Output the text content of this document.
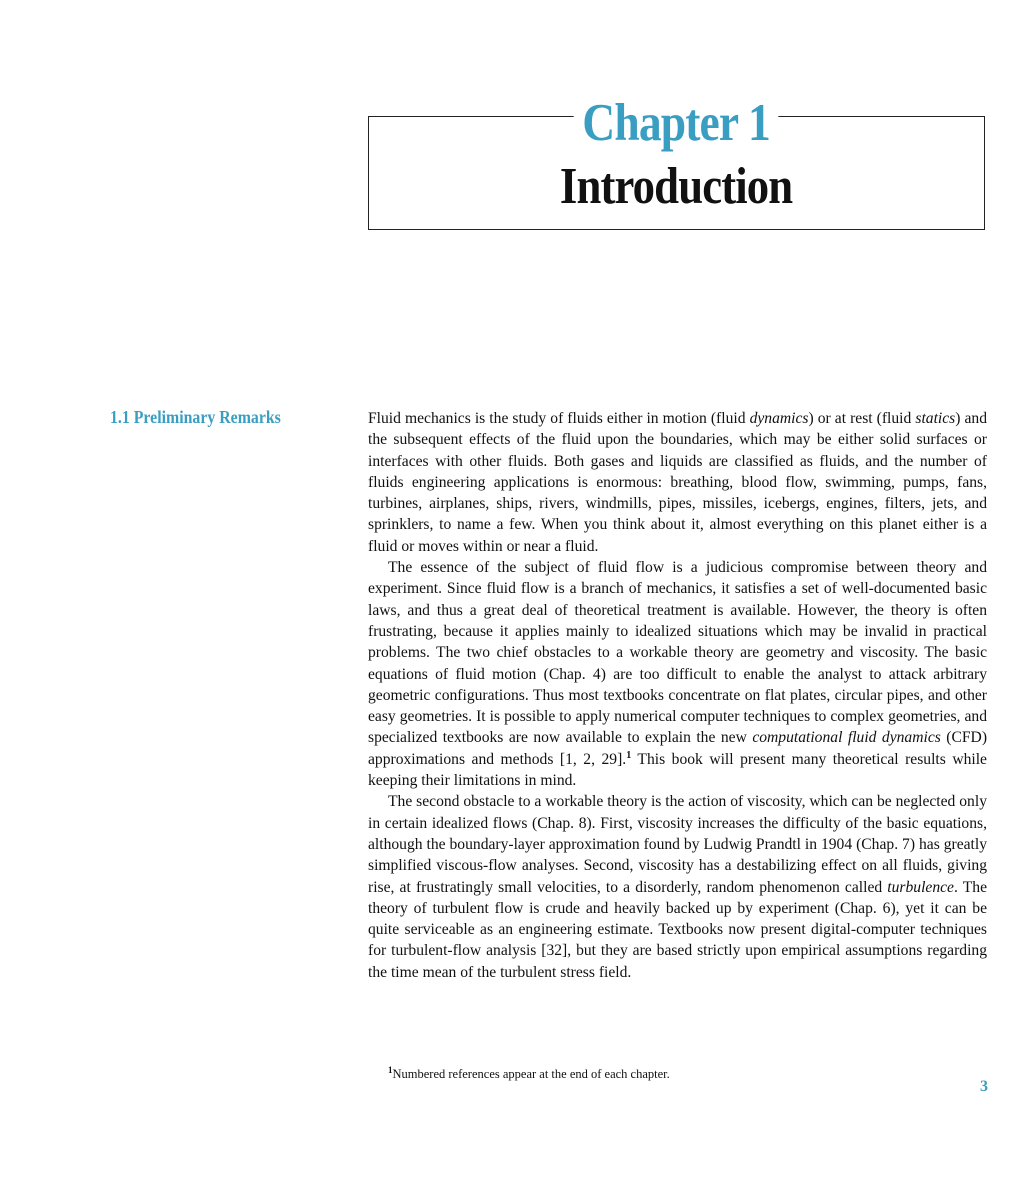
Chapter 1
Introduction
1.1 Preliminary Remarks	Fluid mechanics is the study of fluids either in motion (fluid dynamics) or at rest (fluid statics) and the subsequent effects of the fluid upon the boundaries, which may be either solid surfaces or interfaces with other fluids. Both gases and liquids are classified as fluids, and the number of fluids engineering applications is enormous: breathing, blood flow, swimming, pumps, fans, turbines, airplanes, ships, rivers, windmills, pipes, missiles, icebergs, engines, filters, jets, and sprinklers, to name a few. When you think about it, almost everything on this planet either is a fluid or moves within or near a fluid.

The essence of the subject of fluid flow is a judicious compromise between theory and experiment. Since fluid flow is a branch of mechanics, it satisfies a set of well-documented basic laws, and thus a great deal of theoretical treatment is available. However, the theory is often frustrating, because it applies mainly to idealized situations which may be invalid in practical problems. The two chief obstacles to a workable theory are geometry and viscosity. The basic equations of fluid motion (Chap. 4) are too difficult to enable the analyst to attack arbitrary geometric configurations. Thus most textbooks concentrate on flat plates, circular pipes, and other easy geometries. It is possible to apply numerical computer techniques to complex geometries, and specialized textbooks are now available to explain the new computational fluid dynamics (CFD) approximations and methods [1, 2, 29].$^1$ This book will present many theoretical results while keeping their limitations in mind.

The second obstacle to a workable theory is the action of viscosity, which can be neglected only in certain idealized flows (Chap. 8). First, viscosity increases the difficulty of the basic equations, although the boundary-layer approximation found by Ludwig Prandtl in 1904 (Chap. 7) has greatly simplified viscous-flow analyses. Second, viscosity has a destabilizing effect on all fluids, giving rise, at frustratingly small velocities, to a disorderly, random phenomenon called turbulence. The theory of turbulent flow is crude and heavily backed up by experiment (Chap. 6), yet it can be quite serviceable as an engineering estimate. Textbooks now present digital-computer techniques for turbulent-flow analysis [32], but they are based strictly upon empirical assumptions regarding the time mean of the turbulent stress field.

$^1$Numbered references appear at the end of each chapter.
3
